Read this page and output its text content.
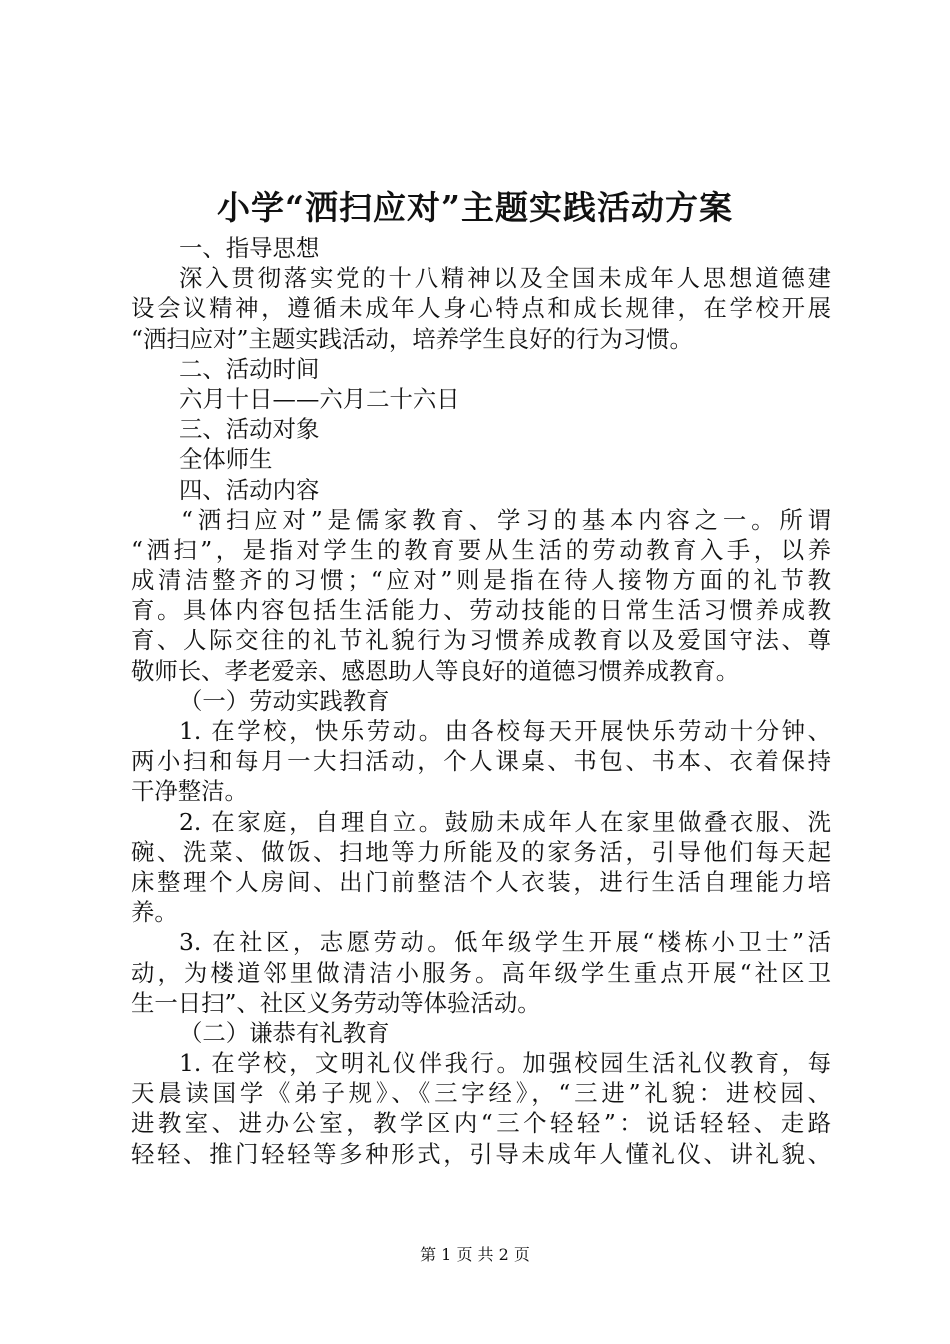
小学“洒扫应对”主题实践活动方案
一、指导思想
深入贯彻落实党的十八精神以及全国未成年人思想道德建
设会议精神，遵循未成年人身心特点和成长规律，在学校开展
“洒扫应对”主题实践活动，培养学生良好的行为习惯。
二、活动时间
六月十日——六月二十六日
三、活动对象
全体师生
四、活动内容
“洒扫应对”是儒家教育、学习的基本内容之一。所谓
“洒扫”，是指对学生的教育要从生活的劳动教育入手，以养
成清洁整齐的习惯；“应对”则是指在待人接物方面的礼节教
育。具体内容包括生活能力、劳动技能的日常生活习惯养成教
育、人际交往的礼节礼貌行为习惯养成教育以及爱国守法、尊
敬师长、孝老爱亲、感恩助人等良好的道德习惯养成教育。
（一）劳动实践教育
1. 在学校，快乐劳动。由各校每天开展快乐劳动十分钟、
两小扫和每月一大扫活动，个人课桌、书包、书本、衣着保持
干净整洁。
2. 在家庭，自理自立。鼓励未成年人在家里做叠衣服、洗
碗、洗菜、做饭、扫地等力所能及的家务活，引导他们每天起
床整理个人房间、出门前整洁个人衣装，进行生活自理能力培
养。
3. 在社区，志愿劳动。低年级学生开展“楼栋小卫士”活
动，为楼道邻里做清洁小服务。高年级学生重点开展“社区卫
生一日扫”、社区义务劳动等体验活动。
（二）谦恭有礼教育
1. 在学校，文明礼仪伴我行。加强校园生活礼仪教育，每
天晨读国学《弟子规》、《三字经》，“三进”礼貌：进校园、
进教室、进办公室，教学区内“三个轻轻”：说话轻轻、走路
轻轻、推门轻轻等多种形式，引导未成年人懂礼仪、讲礼貌、
第 1 页 共 2 页
